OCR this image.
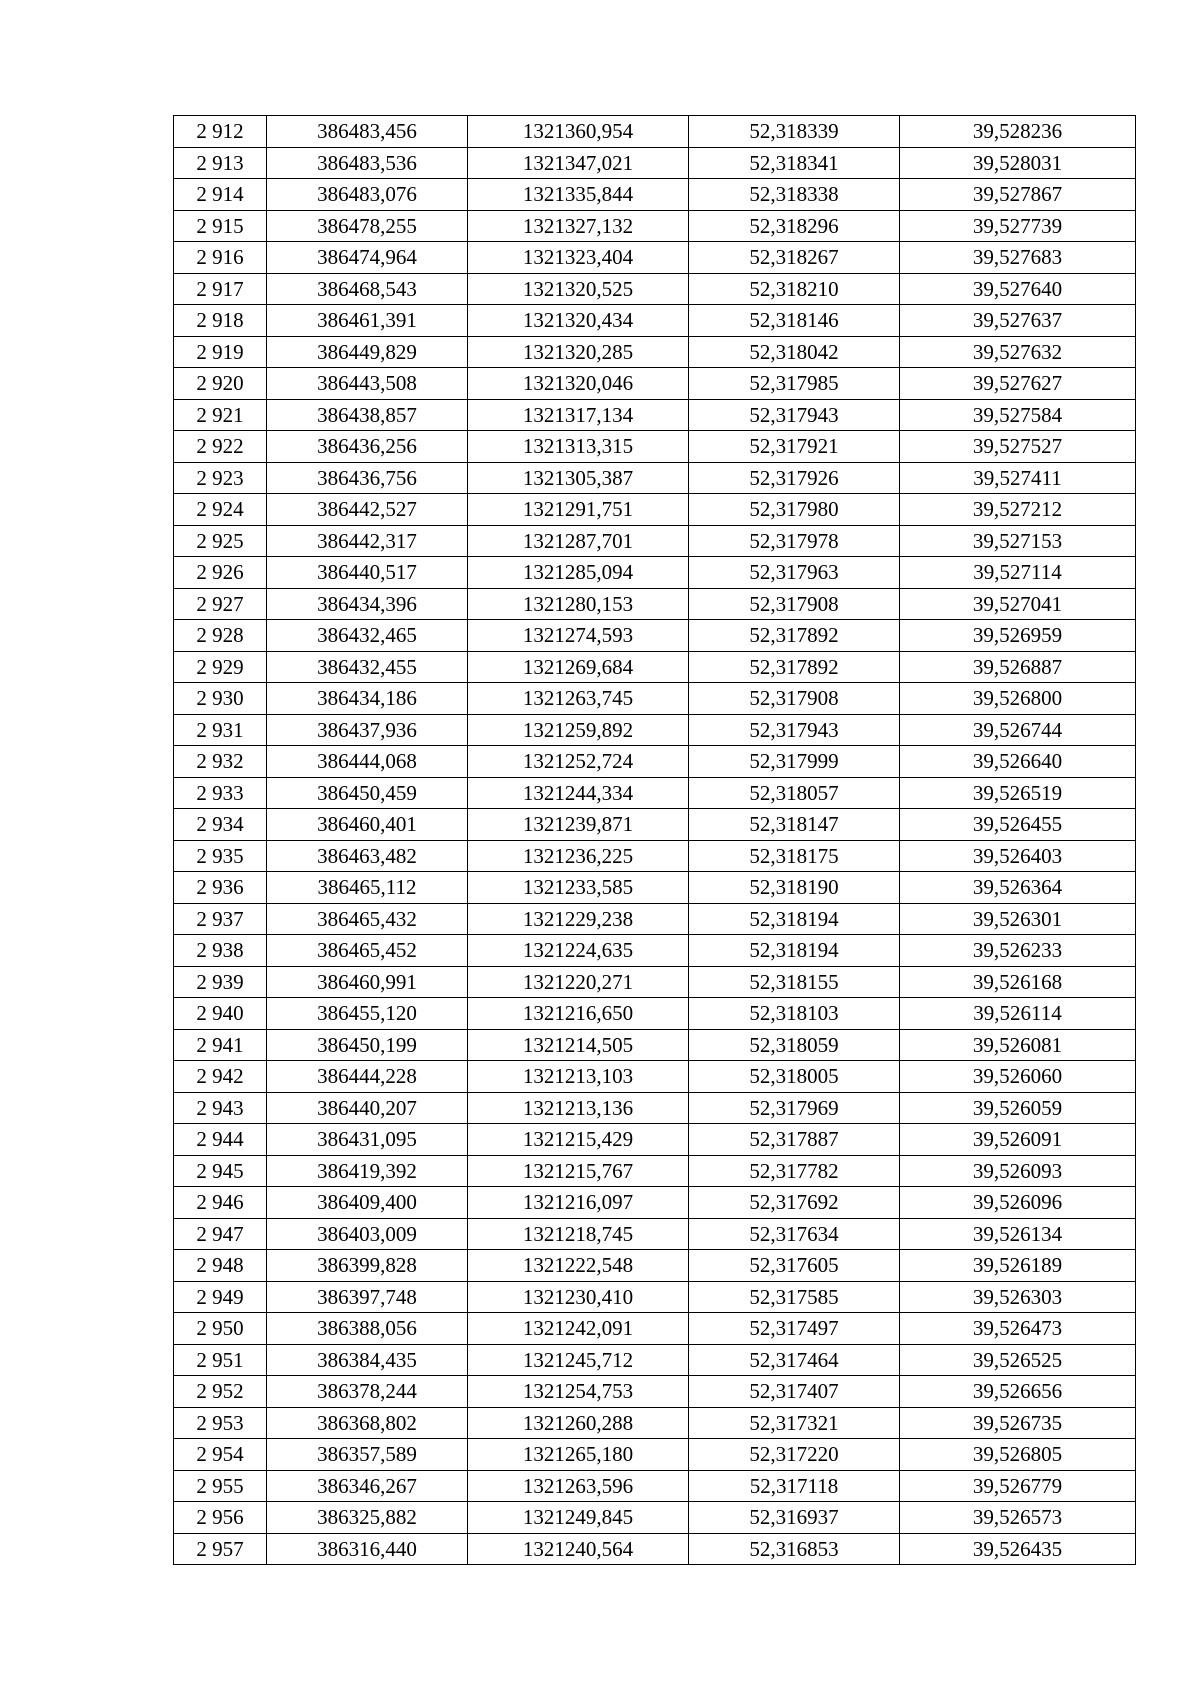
2 912	386483,456	1321360,954	52,318339	39,528236
2 913	386483,536	1321347,021	52,318341	39,528031
2 914	386483,076	1321335,844	52,318338	39,527867
2 915	386478,255	1321327,132	52,318296	39,527739
2 916	386474,964	1321323,404	52,318267	39,527683
2 917	386468,543	1321320,525	52,318210	39,527640
2 918	386461,391	1321320,434	52,318146	39,527637
2 919	386449,829	1321320,285	52,318042	39,527632
2 920	386443,508	1321320,046	52,317985	39,527627
2 921	386438,857	1321317,134	52,317943	39,527584
2 922	386436,256	1321313,315	52,317921	39,527527
2 923	386436,756	1321305,387	52,317926	39,527411
2 924	386442,527	1321291,751	52,317980	39,527212
2 925	386442,317	1321287,701	52,317978	39,527153
2 926	386440,517	1321285,094	52,317963	39,527114
2 927	386434,396	1321280,153	52,317908	39,527041
2 928	386432,465	1321274,593	52,317892	39,526959
2 929	386432,455	1321269,684	52,317892	39,526887
2 930	386434,186	1321263,745	52,317908	39,526800
2 931	386437,936	1321259,892	52,317943	39,526744
2 932	386444,068	1321252,724	52,317999	39,526640
2 933	386450,459	1321244,334	52,318057	39,526519
2 934	386460,401	1321239,871	52,318147	39,526455
2 935	386463,482	1321236,225	52,318175	39,526403
2 936	386465,112	1321233,585	52,318190	39,526364
2 937	386465,432	1321229,238	52,318194	39,526301
2 938	386465,452	1321224,635	52,318194	39,526233
2 939	386460,991	1321220,271	52,318155	39,526168
2 940	386455,120	1321216,650	52,318103	39,526114
2 941	386450,199	1321214,505	52,318059	39,526081
2 942	386444,228	1321213,103	52,318005	39,526060
2 943	386440,207	1321213,136	52,317969	39,526059
2 944	386431,095	1321215,429	52,317887	39,526091
2 945	386419,392	1321215,767	52,317782	39,526093
2 946	386409,400	1321216,097	52,317692	39,526096
2 947	386403,009	1321218,745	52,317634	39,526134
2 948	386399,828	1321222,548	52,317605	39,526189
2 949	386397,748	1321230,410	52,317585	39,526303
2 950	386388,056	1321242,091	52,317497	39,526473
2 951	386384,435	1321245,712	52,317464	39,526525
2 952	386378,244	1321254,753	52,317407	39,526656
2 953	386368,802	1321260,288	52,317321	39,526735
2 954	386357,589	1321265,180	52,317220	39,526805
2 955	386346,267	1321263,596	52,317118	39,526779
2 956	386325,882	1321249,845	52,316937	39,526573
2 957	386316,440	1321240,564	52,316853	39,526435
